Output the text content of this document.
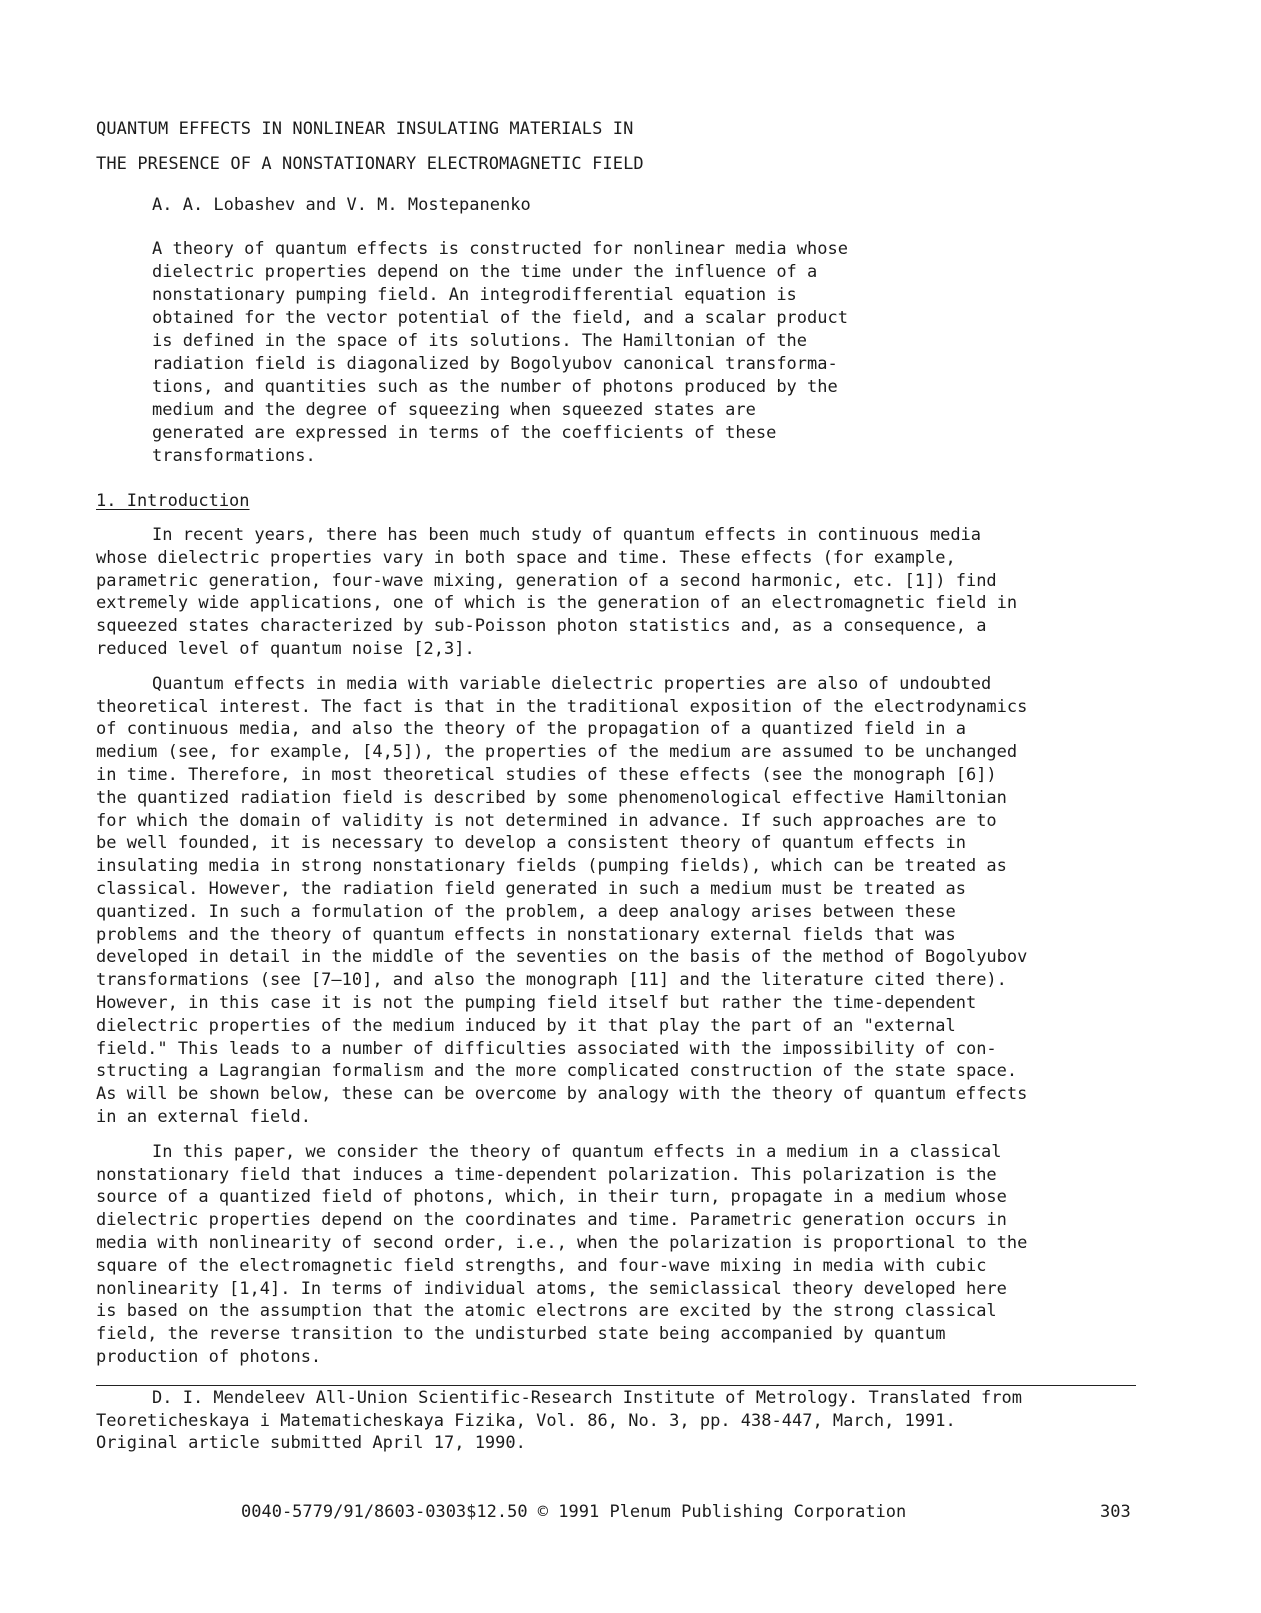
QUANTUM EFFECTS IN NONLINEAR INSULATING MATERIALS IN
THE PRESENCE OF A NONSTATIONARY ELECTROMAGNETIC FIELD
A. A. Lobashev and V. M. Mostepanenko
A theory of quantum effects is constructed for nonlinear media whose
dielectric properties depend on the time under the influence of a
nonstationary pumping field. An integrodifferential equation is
obtained for the vector potential of the field, and a scalar product
is defined in the space of its solutions. The Hamiltonian of the
radiation field is diagonalized by Bogolyubov canonical transforma-
tions, and quantities such as the number of photons produced by the
medium and the degree of squeezing when squeezed states are
generated are expressed in terms of the coefficients of these
transformations.
1. Introduction
In recent years, there has been much study of quantum effects in continuous media
whose dielectric properties vary in both space and time. These effects (for example,
parametric generation, four-wave mixing, generation of a second harmonic, etc. [1]) find
extremely wide applications, one of which is the generation of an electromagnetic field in
squeezed states characterized by sub-Poisson photon statistics and, as a consequence, a
reduced level of quantum noise [2,3].
Quantum effects in media with variable dielectric properties are also of undoubted
theoretical interest. The fact is that in the traditional exposition of the electrodynamics
of continuous media, and also the theory of the propagation of a quantized field in a
medium (see, for example, [4,5]), the properties of the medium are assumed to be unchanged
in time. Therefore, in most theoretical studies of these effects (see the monograph [6])
the quantized radiation field is described by some phenomenological effective Hamiltonian
for which the domain of validity is not determined in advance. If such approaches are to
be well founded, it is necessary to develop a consistent theory of quantum effects in
insulating media in strong nonstationary fields (pumping fields), which can be treated as
classical. However, the radiation field generated in such a medium must be treated as
quantized. In such a formulation of the problem, a deep analogy arises between these
problems and the theory of quantum effects in nonstationary external fields that was
developed in detail in the middle of the seventies on the basis of the method of Bogolyubov
transformations (see [7–10], and also the monograph [11] and the literature cited there).
However, in this case it is not the pumping field itself but rather the time-dependent
dielectric properties of the medium induced by it that play the part of an "external
field." This leads to a number of difficulties associated with the impossibility of con-
structing a Lagrangian formalism and the more complicated construction of the state space.
As will be shown below, these can be overcome by analogy with the theory of quantum effects
in an external field.
In this paper, we consider the theory of quantum effects in a medium in a classical
nonstationary field that induces a time-dependent polarization. This polarization is the
source of a quantized field of photons, which, in their turn, propagate in a medium whose
dielectric properties depend on the coordinates and time. Parametric generation occurs in
media with nonlinearity of second order, i.e., when the polarization is proportional to the
square of the electromagnetic field strengths, and four-wave mixing in media with cubic
nonlinearity [1,4]. In terms of individual atoms, the semiclassical theory developed here
is based on the assumption that the atomic electrons are excited by the strong classical
field, the reverse transition to the undisturbed state being accompanied by quantum
production of photons.
D. I. Mendeleev All-Union Scientific-Research Institute of Metrology. Translated from
Teoreticheskaya i Matematicheskaya Fizika, Vol. 86, No. 3, pp. 438-447, March, 1991.
Original article submitted April 17, 1990.
0040-5779/91/8603-0303$12.50 © 1991 Plenum Publishing Corporation	303
